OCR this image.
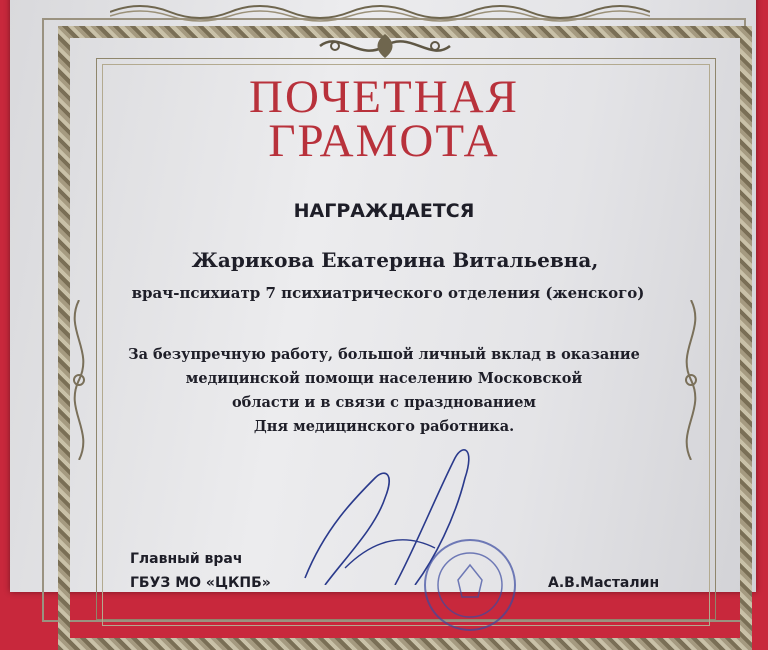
ПОЧЕТНАЯ
ГРАМОТА
НАГРАЖДАЕТСЯ
Жарикова Екатерина Витальевна,
врач-психиатр 7 психиатрического отделения (женского)
За безупречную работу, большой личный вклад в оказание
медицинской помощи населению Московской
области и в связи с празднованием
Дня медицинского работника.
Главный врач
ГБУЗ МО «ЦКПБ»	А.В.Масталин
